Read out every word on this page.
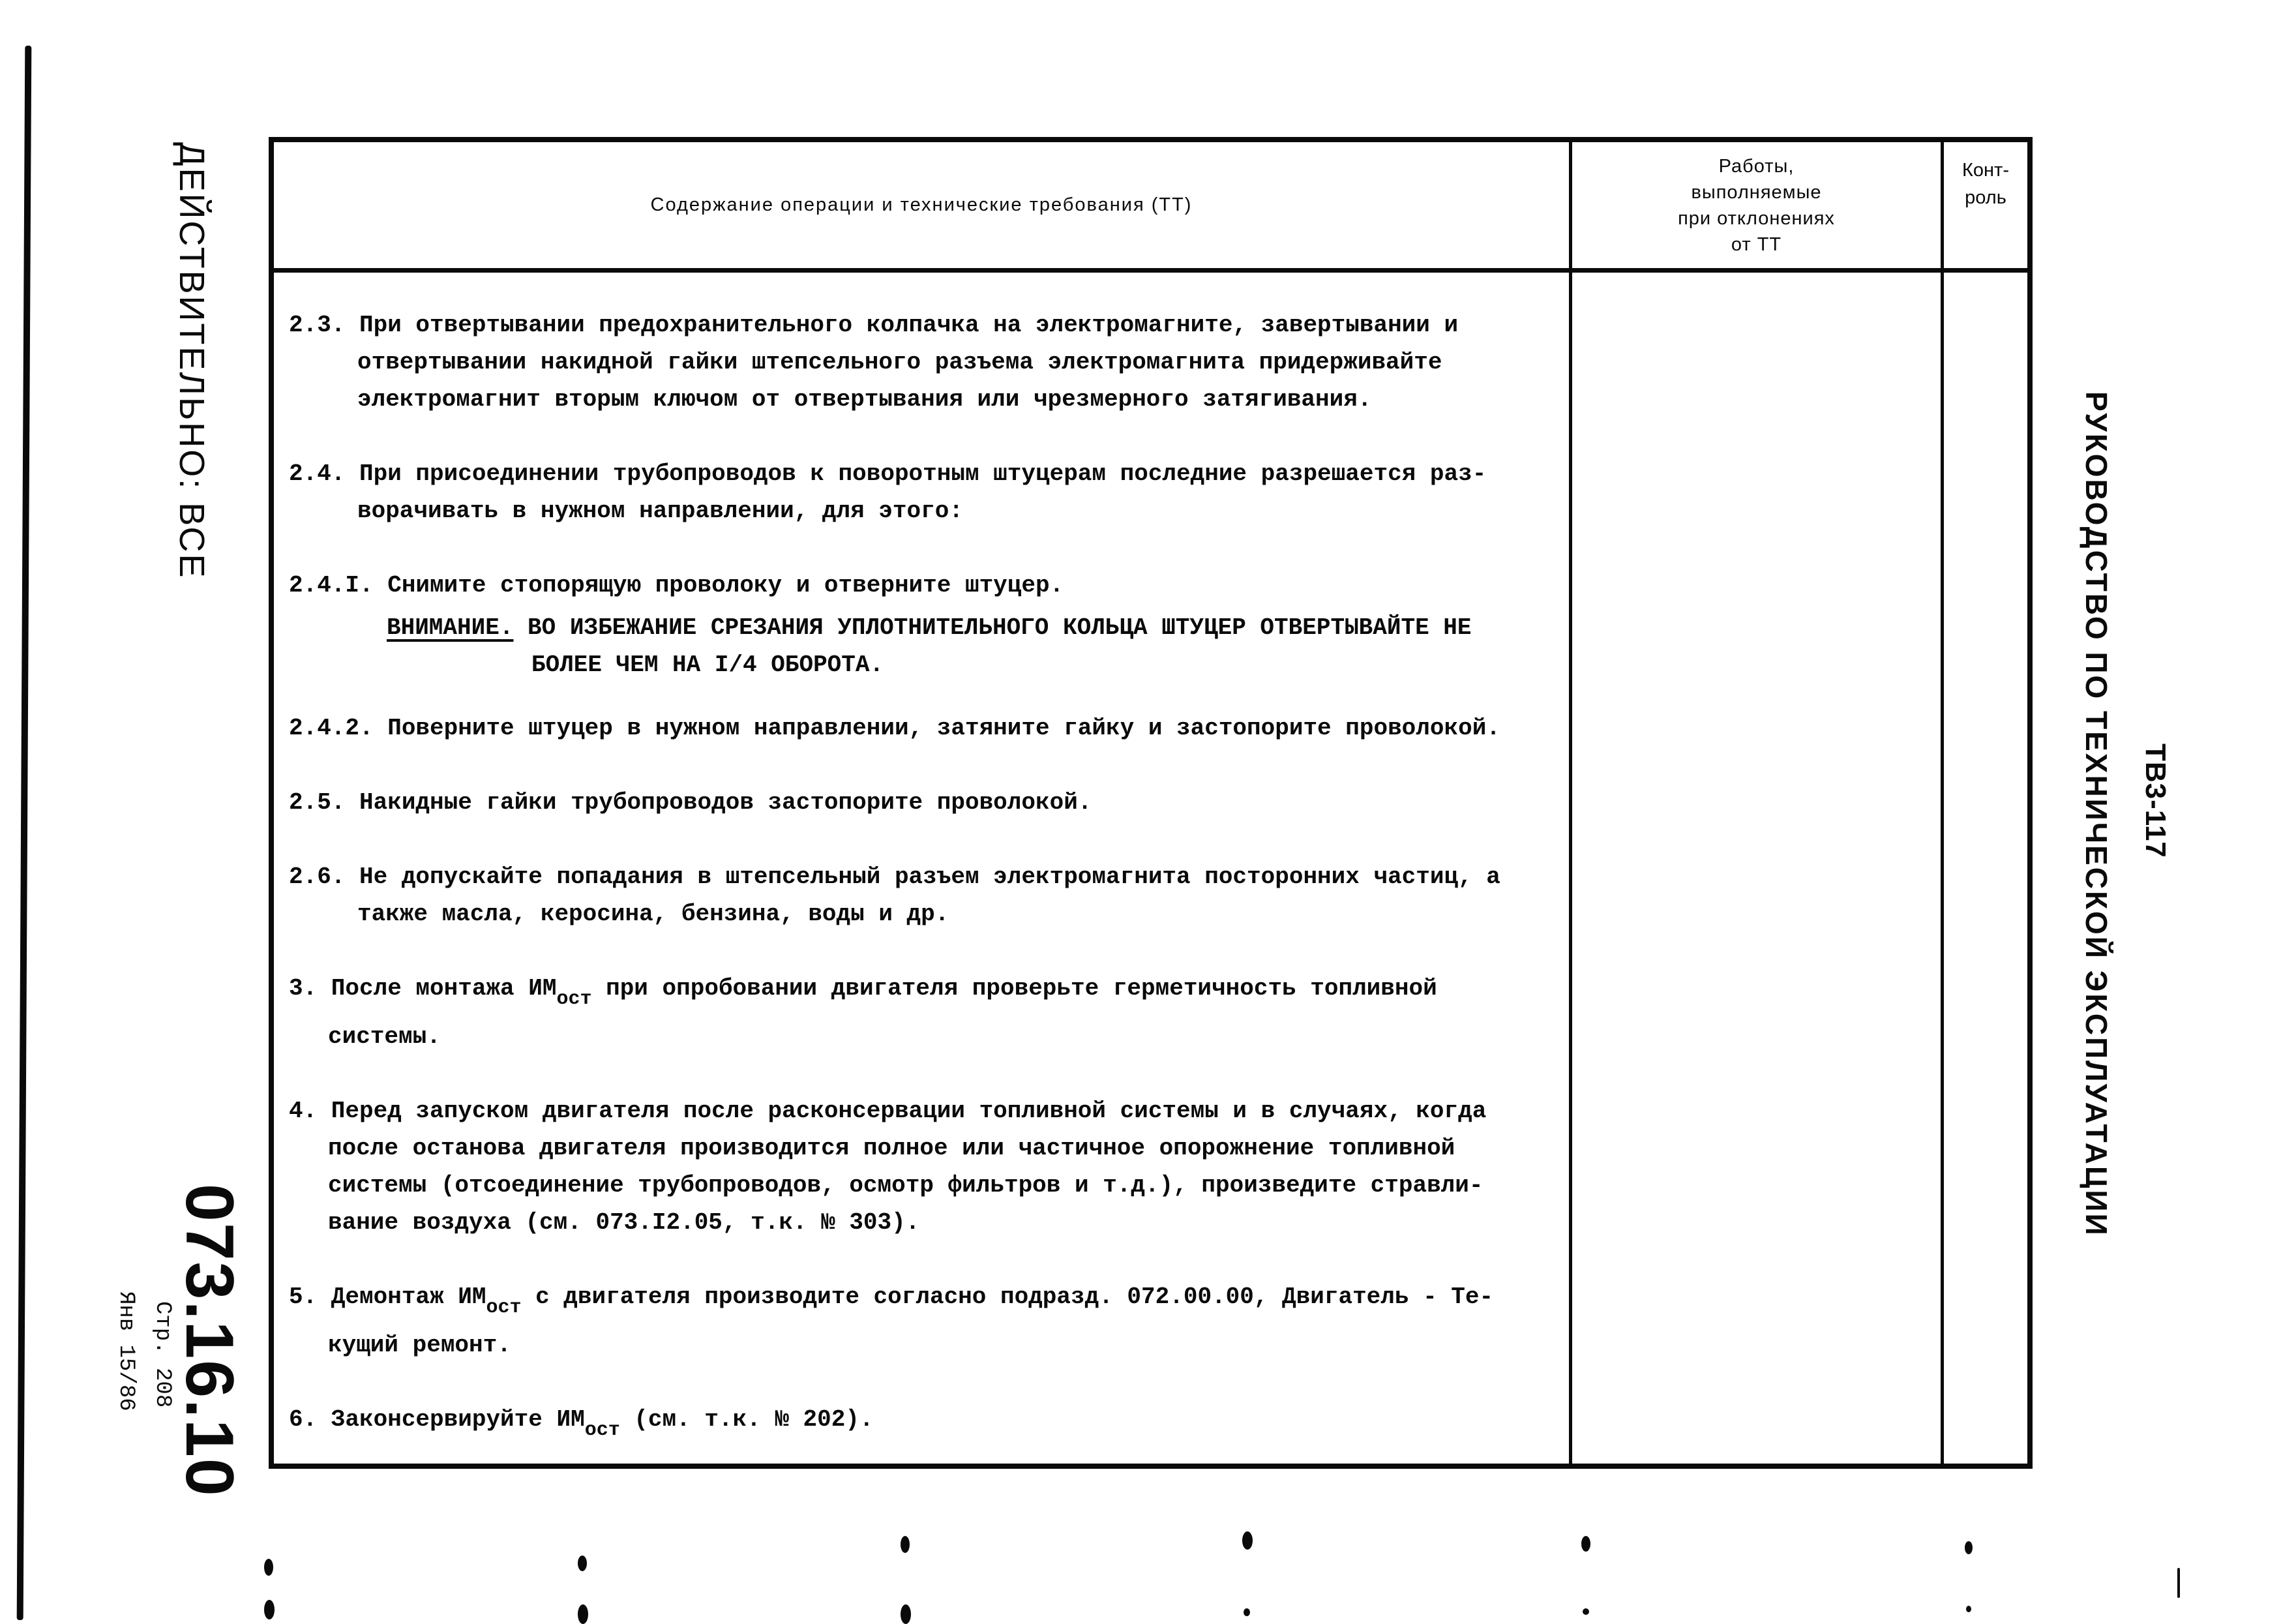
ДЕЙСТВИТЕЛЬНО: ВСЕ
073.16.10
Стр. 208
Янв 15/86
РУКОВОДСТВО ПО ТЕХНИЧЕСКОЙ ЭКСПЛУАТАЦИИ ТВ3-117
Содержание операции и технические требования (ТТ)
Работы,
выполняемые
при отклонениях
от ТТ
Конт-
роль
2.3. При отвертывании предохранительного колпачка на электромагните, завертывании и
отвертывании накидной гайки штепсельного разъема электромагнита придерживайте
электромагнит вторым ключом от отвертывания или чрезмерного затягивания.
2.4. При присоединении трубопроводов к поворотным штуцерам последние разрешается раз-
ворачивать в нужном направлении, для этого:
2.4.I. Снимите стопорящую проволоку и отверните штуцер.
ВНИМАНИЕ. ВО ИЗБЕЖАНИЕ СРЕЗАНИЯ УПЛОТНИТЕЛЬНОГО КОЛЬЦА ШТУЦЕР ОТВЕРТЫВАЙТЕ НЕ
БОЛЕЕ ЧЕМ НА I/4 ОБОРОТА.
2.4.2. Поверните штуцер в нужном направлении, затяните гайку и застопорите проволокой.
2.5. Накидные гайки трубопроводов застопорите проволокой.
2.6. Не допускайте попадания в штепсельный разъем электромагнита посторонних частиц, а
также масла, керосина, бензина, воды и др.
3. После монтажа $ИМ_{ост}$ при опробовании двигателя проверьте герметичность топливной
системы.
4. Перед запуском двигателя после расконсервации топливной системы и в случаях, когда
после останова двигателя производится полное или частичное опорожнение топливной
системы (отсоединение трубопроводов, осмотр фильтров и т.д.), произведите стравли-
вание воздуха (см. 073.I2.05, т.к. № 303).
5. Демонтаж $ИМ_{ост}$ с двигателя производите согласно подразд. 072.00.00, Двигатель - Те-
кущий ремонт.
6. Законсервируйте $ИМ_{ост}$ (см. т.к. № 202).
